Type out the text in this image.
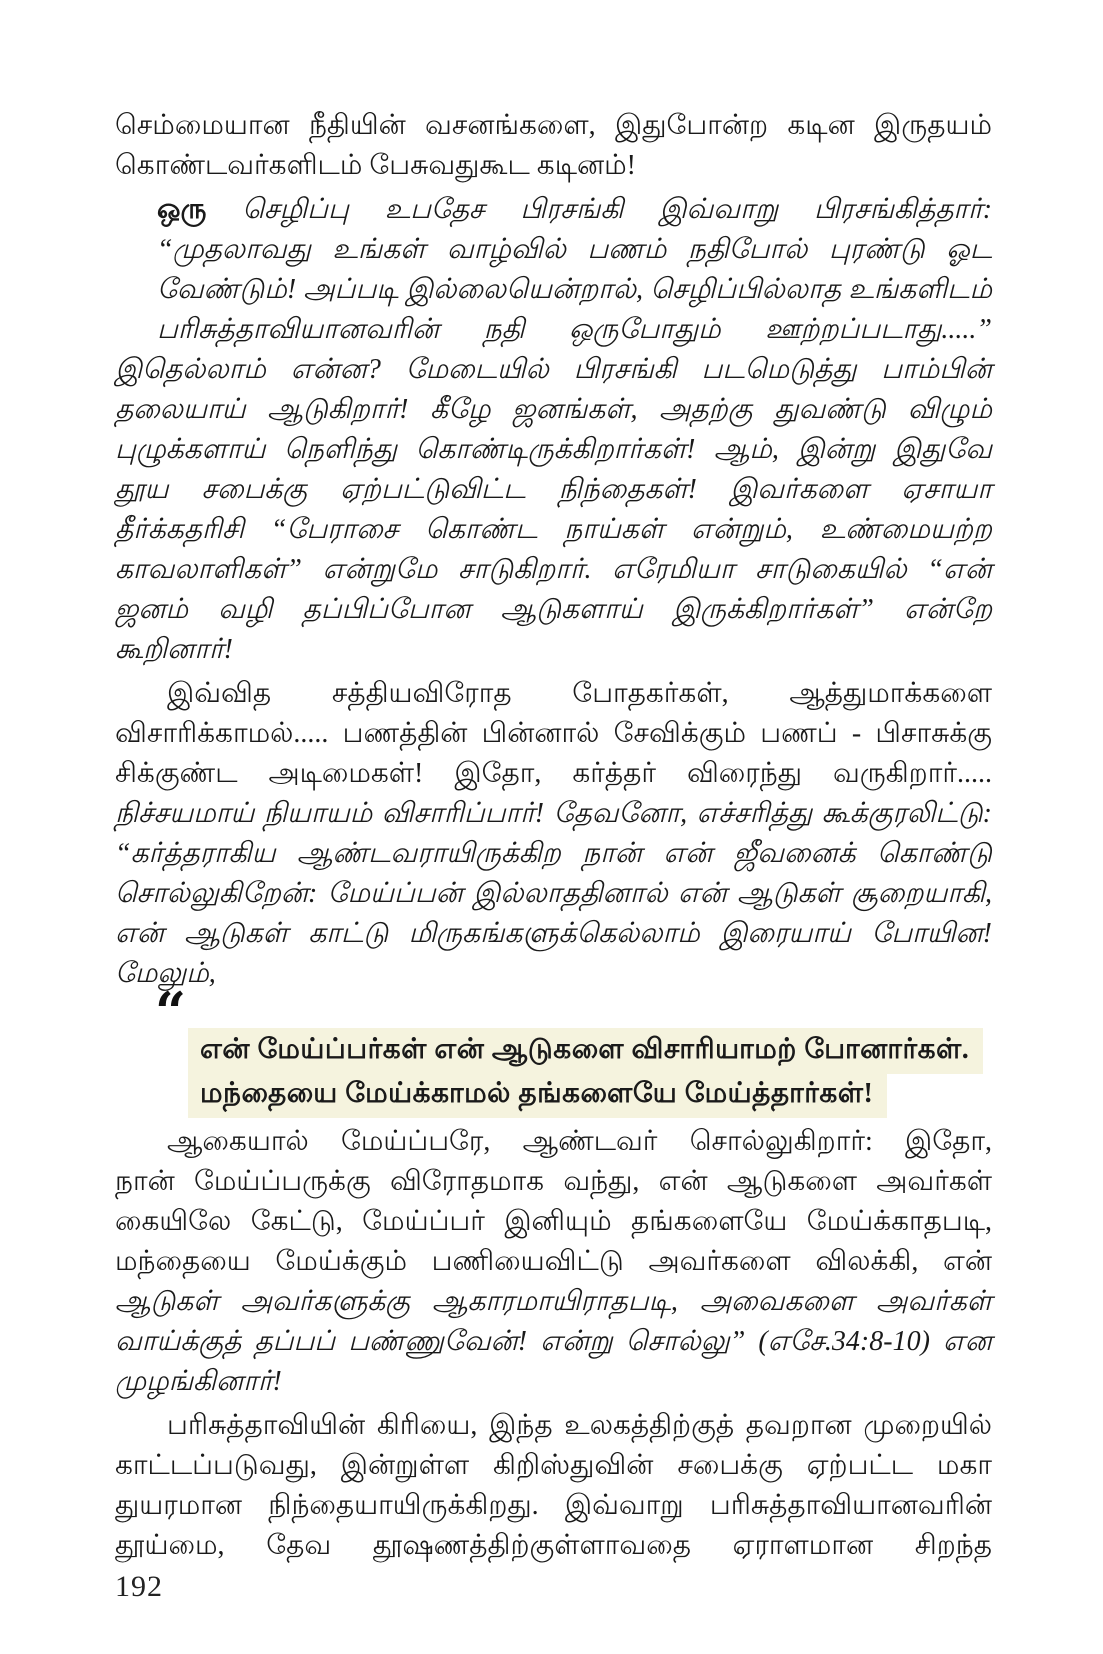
செம்மையான நீதியின் வசனங்களை, இதுபோன்ற கடின இருதயம்
கொண்டவர்களிடம் பேசுவதுகூட கடினம்!
ஒரு செழிப்பு உபதேச பிரசங்கி இவ்வாறு பிரசங்கித்தார்:
“முதலாவது உங்கள் வாழ்வில் பணம் நதிபோல் புரண்டு ஓட
வேண்டும்! அப்படி இல்லையென்றால், செழிப்பில்லாத உங்களிடம்
பரிசுத்தாவியானவரின் நதி ஒருபோதும் ஊற்றப்படாது.....”
இதெல்லாம் என்ன? மேடையில் பிரசங்கி படமெடுத்து பாம்பின்
தலையாய் ஆடுகிறார்! கீழே ஜனங்கள், அதற்கு துவண்டு விழும்
புழுக்களாய் நெளிந்து கொண்டிருக்கிறார்கள்! ஆம், இன்று இதுவே
தூய சபைக்கு ஏற்பட்டுவிட்ட நிந்தைகள்! இவர்களை ஏசாயா
தீர்க்கதரிசி “பேராசை கொண்ட நாய்கள் என்றும், உண்மையற்ற
காவலாளிகள்” என்றுமே சாடுகிறார். எரேமியா சாடுகையில் “என்
ஜனம் வழி தப்பிப்போன ஆடுகளாய் இருக்கிறார்கள்” என்றே
கூறினார்!
இவ்வித சத்தியவிரோத போதகர்கள், ஆத்துமாக்களை
விசாரிக்காமல்..... பணத்தின் பின்னால் சேவிக்கும் பணப் - பிசாசுக்கு
சிக்குண்ட அடிமைகள்! இதோ, கர்த்தர் விரைந்து வருகிறார்.....
நிச்சயமாய் நியாயம் விசாரிப்பார்! தேவனோ, எச்சரித்து கூக்குரலிட்டு:
“கர்த்தராகிய ஆண்டவராயிருக்கிற நான் என் ஜீவனைக் கொண்டு
சொல்லுகிறேன்: மேய்ப்பன் இல்லாததினால் என் ஆடுகள் சூறையாகி,
என் ஆடுகள் காட்டு மிருகங்களுக்கெல்லாம் இரையாய் போயின!
மேலும்,
“
என் மேய்ப்பர்கள் என் ஆடுகளை விசாரியாமற் போனார்கள்.
மந்தையை மேய்க்காமல் தங்களையே மேய்த்தார்கள்!
ஆகையால் மேய்ப்பரே, ஆண்டவர் சொல்லுகிறார்: இதோ,
நான் மேய்ப்பருக்கு விரோதமாக வந்து, என் ஆடுகளை அவர்கள்
கையிலே கேட்டு, மேய்ப்பர் இனியும் தங்களையே மேய்க்காதபடி,
மந்தையை மேய்க்கும் பணியைவிட்டு அவர்களை விலக்கி, என்
ஆடுகள் அவர்களுக்கு ஆகாரமாயிராதபடி, அவைகளை அவர்கள்
வாய்க்குத் தப்பப் பண்ணுவேன்! என்று சொல்லு” (எசே.34:8-10) என
முழங்கினார்!
பரிசுத்தாவியின் கிரியை, இந்த உலகத்திற்குத் தவறான முறையில்
காட்டப்படுவது, இன்றுள்ள கிறிஸ்துவின் சபைக்கு ஏற்பட்ட மகா
துயரமான நிந்தையாயிருக்கிறது. இவ்வாறு பரிசுத்தாவியானவரின்
தூய்மை, தேவ தூஷணத்திற்குள்ளாவதை ஏராளமான சிறந்த
192
